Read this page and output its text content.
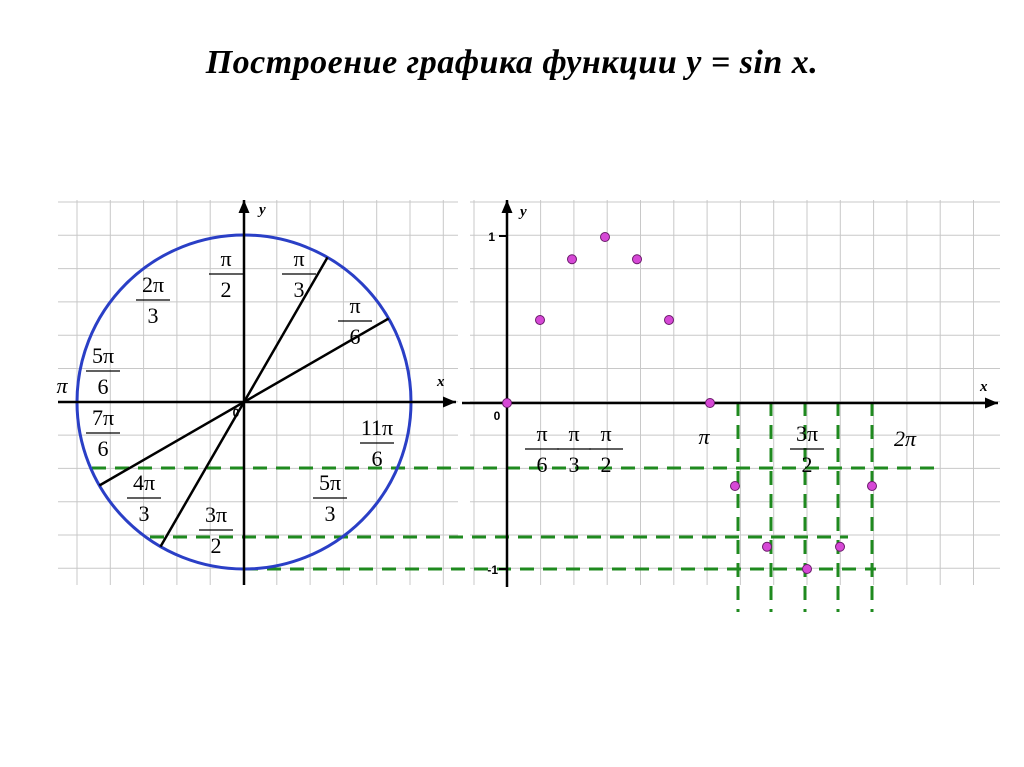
Построение графика функции y = sin x.
π
2
π
3
π
6
2π
3
5π
6
π
7π
6
4π
3	3π
2
5π
3
11π
6
y
x
0
π
6
π
3
π
2
π	3π
2
2π
y
x
0
1
-1
